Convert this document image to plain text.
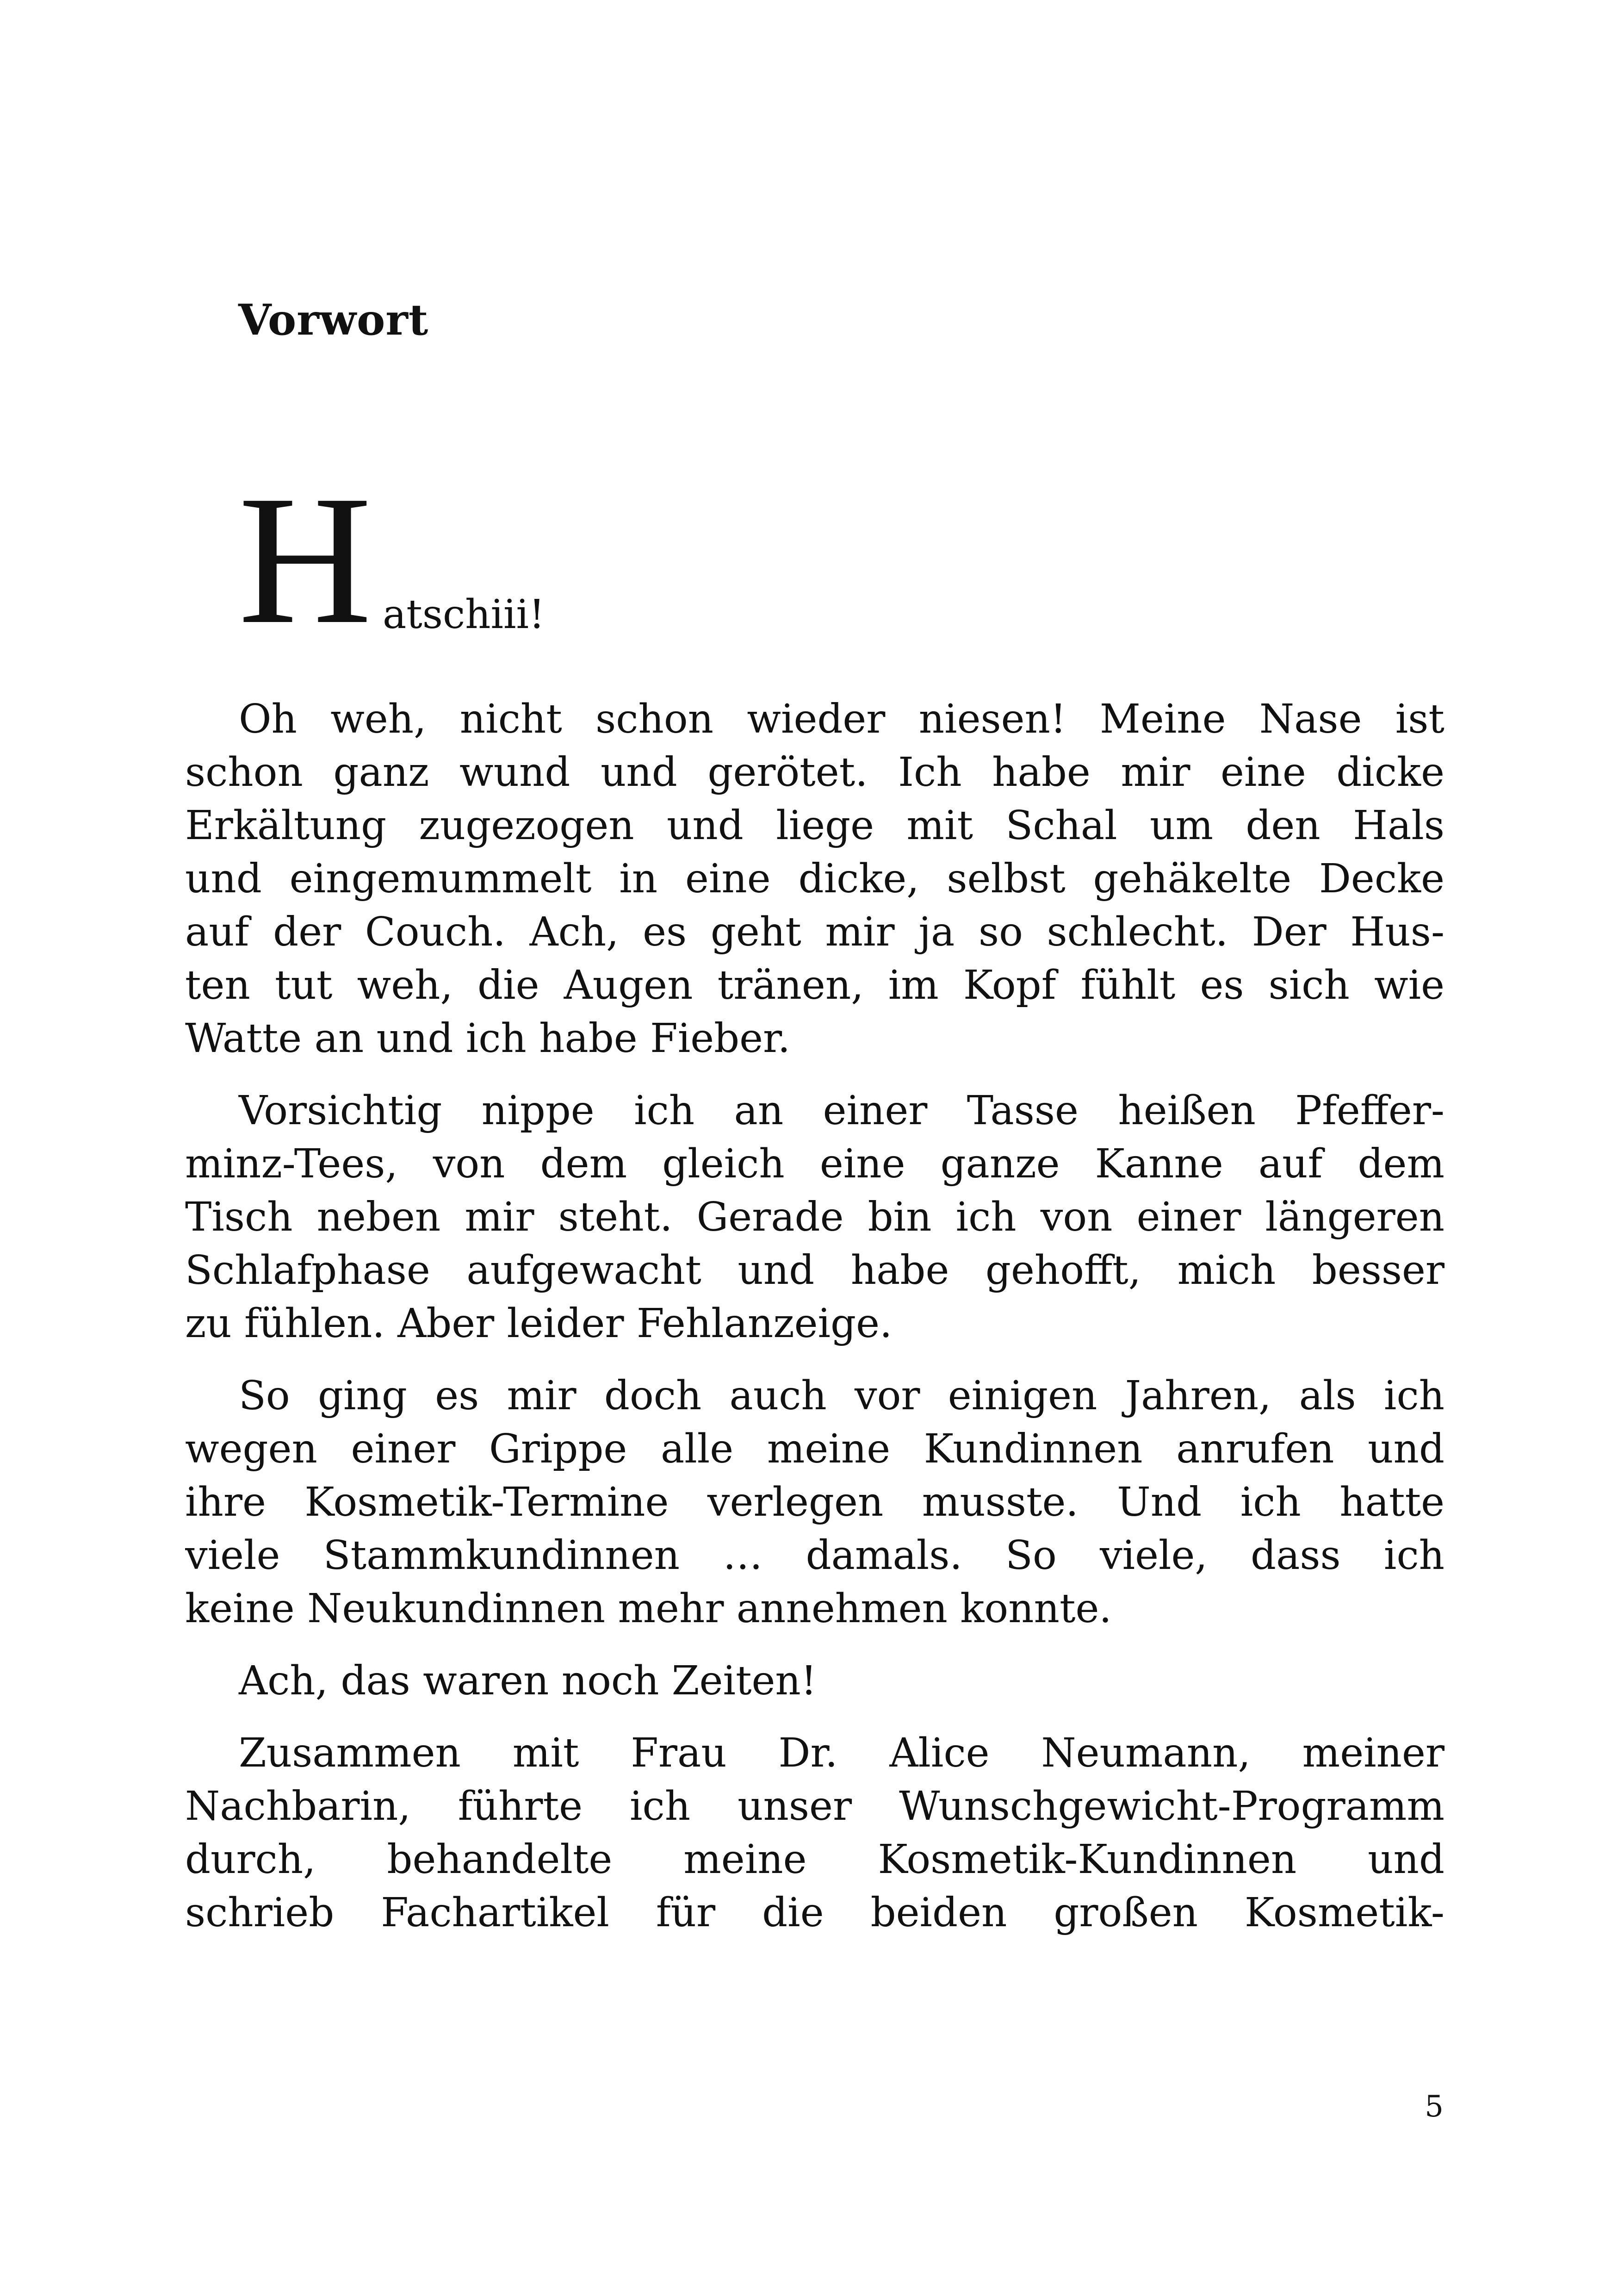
Vorwort
H atschiii!
Oh weh, nicht schon wieder niesen! Meine Nase ist
schon ganz wund und gerötet. Ich habe mir eine dicke
Erkältung zugezogen und liege mit Schal um den Hals
und eingemummelt in eine dicke, selbst gehäkelte Decke
auf der Couch. Ach, es geht mir ja so schlecht. Der Hus-
ten tut weh, die Augen tränen, im Kopf fühlt es sich wie
Watte an und ich habe Fieber.
Vorsichtig nippe ich an einer Tasse heißen Pfeffer-
minz-Tees, von dem gleich eine ganze Kanne auf dem
Tisch neben mir steht. Gerade bin ich von einer längeren
Schlafphase aufgewacht und habe gehofft, mich besser
zu fühlen. Aber leider Fehlanzeige.
So ging es mir doch auch vor einigen Jahren, als ich
wegen einer Grippe alle meine Kundinnen anrufen und
ihre Kosmetik-Termine verlegen musste. Und ich hatte
viele Stammkundinnen … damals. So viele, dass ich
keine Neukundinnen mehr annehmen konnte.
Ach, das waren noch Zeiten!
Zusammen mit Frau Dr. Alice Neumann, meiner
Nachbarin, führte ich unser Wunschgewicht-Programm
durch, behandelte meine Kosmetik-Kundinnen und
schrieb Fachartikel für die beiden großen Kosmetik-
5
